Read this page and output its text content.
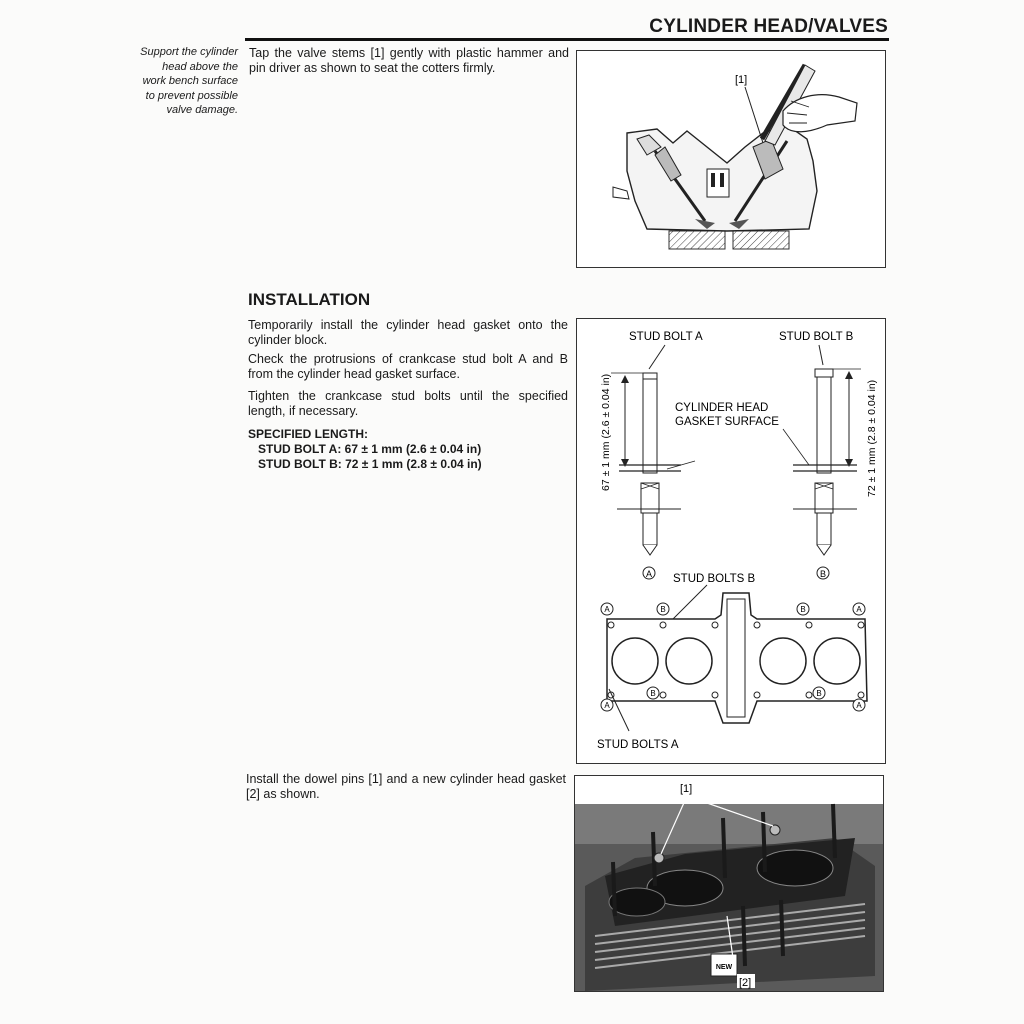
CYLINDER HEAD/VALVES
Support the cylinder
head above the
work bench surface
to prevent possible
valve damage.
Tap the valve stems [1] gently with plastic hammer and pin driver as shown to seat the cotters firmly.
[1]
INSTALLATION
Temporarily install the cylinder head gasket onto the cylinder block.
Check the protrusions of crankcase stud bolt A and B from the cylinder head gasket surface.
Tighten the crankcase stud bolts until the specified length, if necessary.
SPECIFIED LENGTH:
STUD BOLT A: 67 ± 1 mm (2.6 ± 0.04 in)
STUD BOLT B: 72 ± 1 mm (2.8 ± 0.04 in)
STUD BOLT A	STUD BOLT B
CYLINDER HEAD
GASKET SURFACE
67 ± 1 mm (2.6 ± 0.04 in)	72 ± 1 mm (2.8 ± 0.04 in)
A	B
STUD BOLTS B
A	B	B	A
A
B	B
A
STUD BOLTS A
Install the dowel pins [1] and a new cylinder head gasket [2] as shown.	[1]
NEW
[2]
